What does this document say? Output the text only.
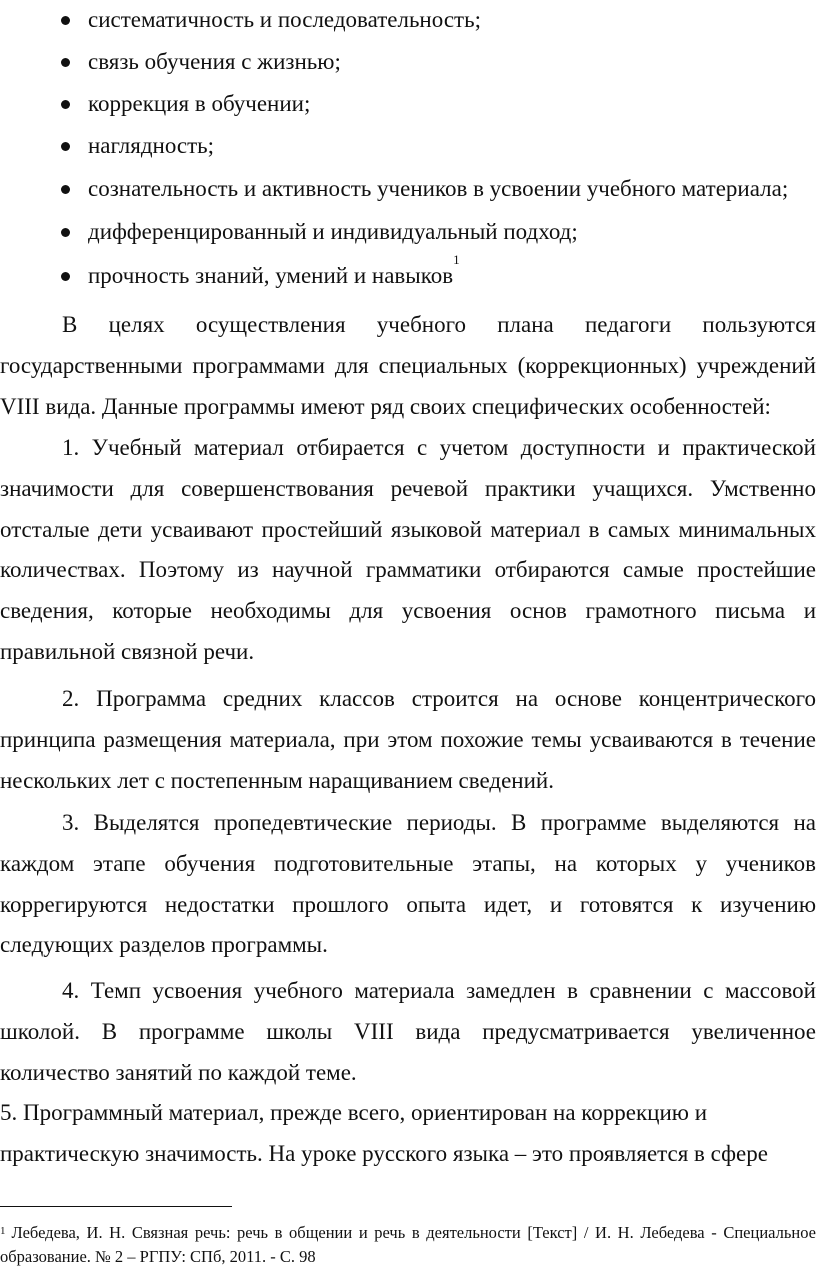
систематичность и последовательность;
связь обучения с жизнью;
коррекция в обучении;
наглядность;
сознательность и активность учеников в усвоении учебного материала;
дифференцированный и индивидуальный подход;
прочность знаний, умений и навыков$^1$

В целях осуществления учебного плана педагоги пользуются государственными программами для специальных (коррекционных) учреждений VIII вида. Данные программы имеют ряд своих специфических особенностей:

1. Учебный материал отбирается с учетом доступности и практической значимости для совершенствования речевой практики учащихся. Умственно отсталые дети усваивают простейший языковой материал в самых минимальных количествах. Поэтому из научной грамматики отбираются самые простейшие сведения, которые необходимы для усвоения основ грамотного письма и правильной связной речи.

2. Программа средних классов строится на основе концентрического принципа размещения материала, при этом похожие темы усваиваются в течение нескольких лет с постепенным наращиванием сведений.

3. Выделятся пропедевтические периоды. В программе выделяются на каждом этапе обучения подготовительные этапы, на которых у учеников коррегируются недостатки прошлого опыта идет, и готовятся к изучению следующих разделов программы.

4. Темп усвоения учебного материала замедлен в сравнении с массовой школой. В программе школы VIII вида предусматривается увеличенное количество занятий по каждой теме.

5. Программный материал, прежде всего, ориентирован на коррекцию и практическую значимость. На уроке русского языка – это проявляется в сфере

$^1$ Лебедева, И. Н. Связная речь: речь в общении и речь в деятельности [Текст] / И. Н. Лебедева - Специальное образование. № 2 – РГПУ: СПб, 2011. - С. 98
